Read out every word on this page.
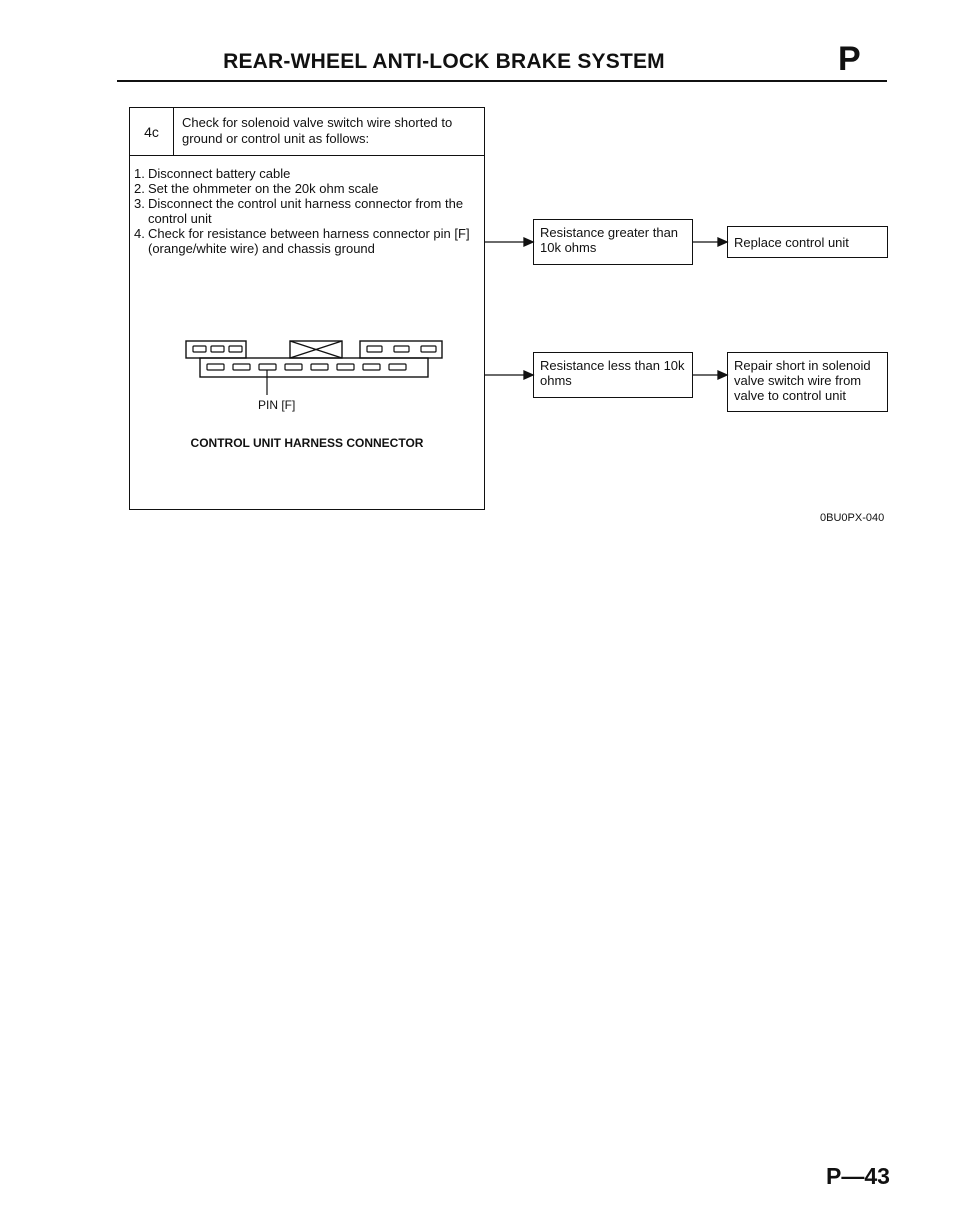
REAR-WHEEL ANTI-LOCK BRAKE SYSTEM	P
4c
Check for solenoid valve switch wire shorted to ground or control unit as follows:
1. Disconnect battery cable
2. Set the ohmmeter on the 20k ohm scale
3. Disconnect the control unit harness connector from the control unit
4. Check for resistance between harness connector pin [F] (orange/white wire) and chassis ground
PIN [F]
CONTROL UNIT HARNESS CONNECTOR
Resistance greater than 10k ohms	Replace control unit
Resistance less than 10k ohms
Repair short in solenoid valve switch wire from valve to control unit
0BU0PX-040
P—43
